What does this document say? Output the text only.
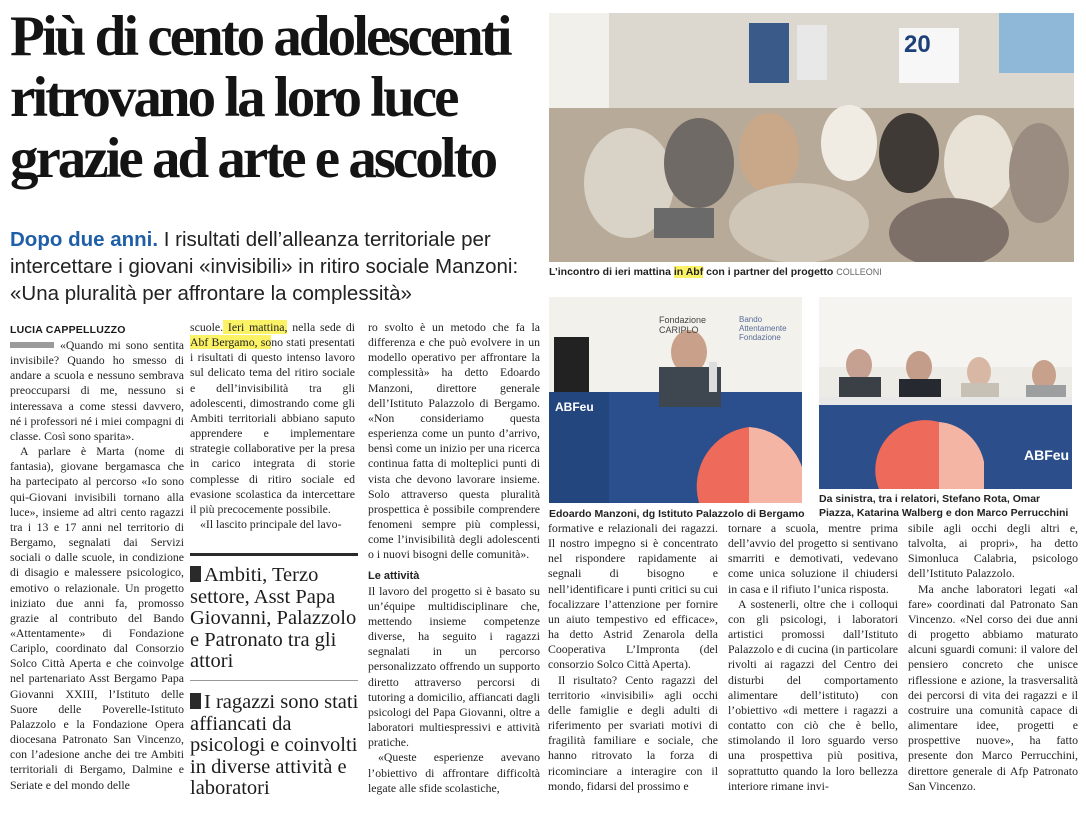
Più di cento adolescenti ritrovano la loro luce grazie ad arte e ascolto
Dopo due anni. I risultati dell’alleanza territoriale per intercettare i giovani «invisibili» in ritiro sociale Manzoni: «Una pluralità per affrontare la complessità»
LUCIA CAPPELLUZZO

«Quando mi sono sentita invisibile? Quando ho smesso di andare a scuola e nessuno sembrava preoccuparsi di me, nessuno si interessava a come stessi davvero, né i professori né i miei compagni di classe. Così sono sparita».

A parlare è Marta (nome di fantasia), giovane bergamasca che ha partecipato al percorso «Io sono qui-Giovani invisibili tornano alla luce», insieme ad altri cento ragazzi tra i 13 e 17 anni nel territorio di Bergamo, segnalati dai Servizi sociali o dalle scuole, in condizione di disagio e malessere psicologico, emotivo o relazionale. Un progetto iniziato due anni fa, promosso grazie al contributo del Bando «Attentamente» di Fondazione Cariplo, coordinato dal Consorzio Solco Città Aperta e che coinvolge nel partenariato Asst Bergamo Papa Giovanni XXIII, l’Istituto delle Suore delle Poverelle-Istituto Palazzolo e la Fondazione Opera diocesana Patronato San Vincenzo, con l’adesione anche dei tre Ambiti territoriali di Bergamo, Dalmine e Seriate e del mondo delle

scuole. Ieri mattina, nella sede di Abf Bergamo, sono stati presentati i risultati di questo intenso lavoro sul delicato tema del ritiro sociale e dell’invisibilità tra gli adolescenti, dimostrando come gli Ambiti territoriali abbiano saputo apprendere e implementare strategie collaborative per la presa in carico integrata di storie complesse di ritiro sociale ed evasione scolastica da intercettare il più precocemente possibile.

«Il lascito principale del lavo-

Ambiti, Terzo settore, Asst Papa Giovanni, Palazzolo e Patronato tra gli attori
I ragazzi sono stati affiancati da psicologi e coinvolti in diverse attività e laboratori

ro svolto è un metodo che fa la differenza e che può evolvere in un modello operativo per affrontare la complessità» ha detto Edoardo Manzoni, direttore generale dell’Istituto Palazzolo di Bergamo. «Non consideriamo questa esperienza come un punto d’arrivo, bensì come un inizio per una ricerca continua fatta di molteplici punti di vista che devono lavorare insieme. Solo attraverso questa pluralità prospettica è possibile comprendere fenomeni sempre più complessi, come l’invisibilità degli adolescenti o i nuovi bisogni delle comunità».

Le attività

Il lavoro del progetto si è basato su un’équipe multidisciplinare che, mettendo insieme competenze diverse, ha seguito i ragazzi segnalati in un percorso personalizzato offrendo un supporto diretto attraverso percorsi di tutoring a domicilio, affiancati dagli psicologi del Papa Giovanni, oltre a laboratori multiespressivi e attività pratiche.

«Queste esperienze avevano l’obiettivo di affrontare difficoltà legate alle sfide scolastiche,

20
L’incontro di ieri mattina in Abf con i partner del progetto COLLEONI
Fondazione CARIPLO
Bando Attentamente Fondazione
ABFeu
Edoardo Manzoni, dg Istituto Palazzolo di Bergamo
ABFeu
Da sinistra, tra i relatori, Stefano Rota, Omar Piazza, Katarina Walberg e don Marco Perrucchini

formative e relazionali dei ragazzi. Il nostro impegno si è concentrato nel rispondere rapidamente ai segnali di bisogno e nell’identificare i punti critici su cui focalizzare l’attenzione per fornire un aiuto tempestivo ed efficace», ha detto Astrid Zenarola della Cooperativa L’Impronta (del consorzio Solco Città Aperta).

Il risultato? Cento ragazzi del territorio «invisibili» agli occhi delle famiglie e degli adulti di riferimento per svariati motivi di fragilità familiare e sociale, che hanno ritrovato la forza di ricominciare a interagire con il mondo, fidarsi del prossimo e

tornare a scuola, mentre prima dell’avvio del progetto si sentivano smarriti e demotivati, vedevano come unica soluzione il chiudersi in casa e il rifiuto l’unica risposta.

A sostenerli, oltre che i colloqui con gli psicologi, i laboratori artistici promossi dall’Istituto Palazzolo e di cucina (in particolare rivolti ai ragazzi del Centro dei disturbi del comportamento alimentare dell’istituto) con l’obiettivo «di mettere i ragazzi a contatto con ciò che è bello, stimolando il loro sguardo verso una prospettiva più positiva, soprattutto quando la loro bellezza interiore rimane invi-

sibile agli occhi degli altri e, talvolta, ai propri», ha detto Simonluca Calabria, psicologo dell’Istituto Palazzolo.

Ma anche laboratori legati «al fare» coordinati dal Patronato San Vincenzo. «Nel corso dei due anni di progetto abbiamo maturato alcuni sguardi comuni: il valore del pensiero concreto che unisce riflessione e azione, la trasversalità dei percorsi di vita dei ragazzi e il costruire una comunità capace di alimentare idee, progetti e prospettive nuove», ha fatto presente don Marco Perrucchini, direttore generale di Afp Patronato San Vincenzo.
